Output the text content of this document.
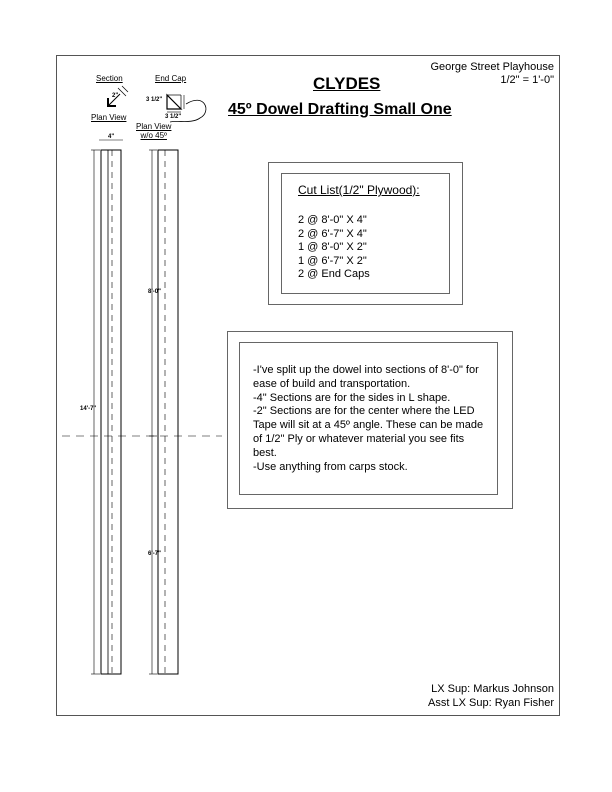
CLYDES
45º Dowel Drafting Small One
George Street Playhouse
1/2" = 1'-0"
Section	End Cap
Plan View
Plan View
w/o 45º
2"
3 1/2"
3 1/2"
4"
14'-7"
8'-0"
6'-7"
Cut List(1/2" Plywood):
2 @ 8'-0" X 4"
2 @ 6'-7" X 4"
1 @ 8'-0" X 2"
1 @ 6'-7" X 2"
2 @ End Caps
-I've split up the dowel into sections of 8'-0" for ease of build and transportation.
-4" Sections are for the sides in L shape.
-2" Sections are for the center where the LED Tape will sit at a 45º angle. These can be made of 1/2" Ply or whatever material you see fits best.
-Use anything from carps stock.
LX Sup: Markus Johnson
Asst LX Sup: Ryan Fisher
